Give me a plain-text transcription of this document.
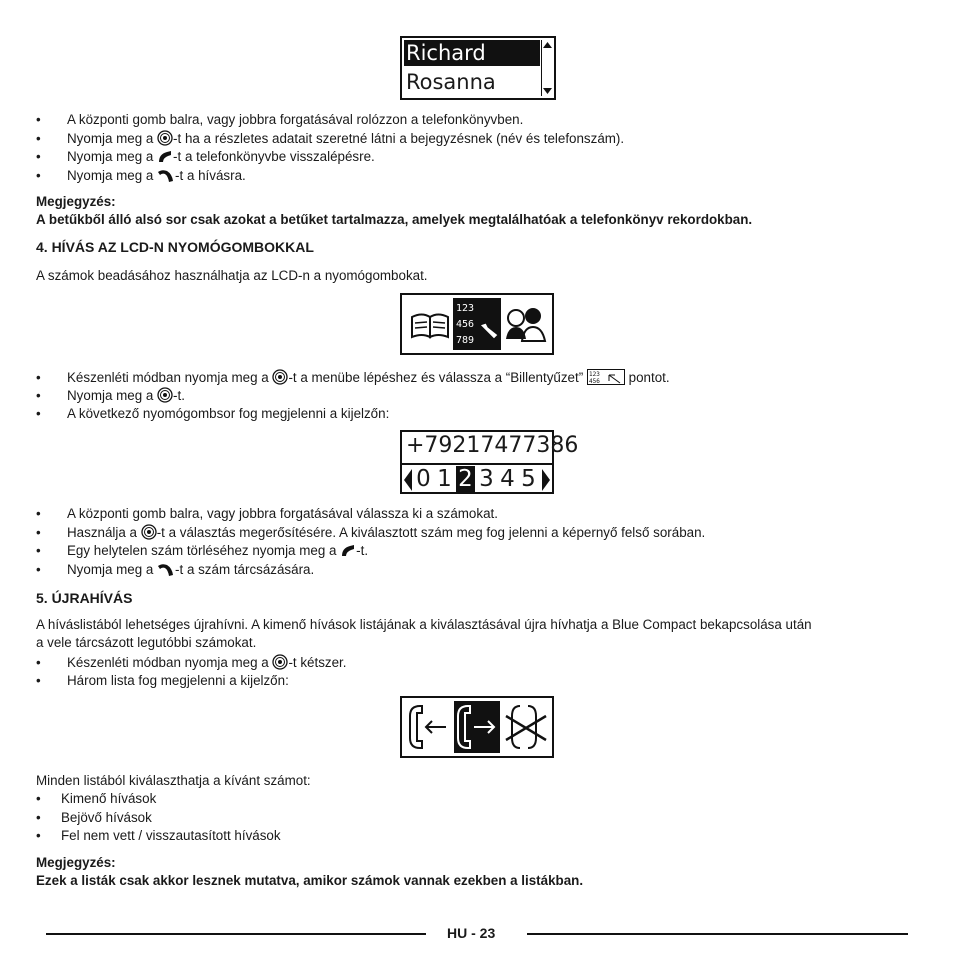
Richard
Rosanna
• A központi gomb balra, vagy jobbra forgatásával rolózzon a telefonkönyvben.
• Nyomja meg a -t ha a részletes adatait szeretné látni a bejegyzésnek (név és telefonszám).
• Nyomja meg a -t a telefonkönyvbe visszalépésre.
• Nyomja meg a -t a hívásra.
Megjegyzés:
A betűkből álló alsó sor csak azokat a betűket tartalmazza, amelyek megtalálhatóak a telefonkönyv rekordokban.
4. HÍVÁS AZ LCD-N NYOMÓGOMBOKKAL
A számok beadásához használhatja az LCD-n a nyomógombokat.
123
456
789
• Készenléti módban nyomja meg a -t a menübe lépéshez és válassza a “Billentyűzet” 123
456 pontot.
• Nyomja meg a -t.
• A következő nyomógombsor fog megjelenni a kijelzőn:
+79217477386
0 1 2 3 4 5
• A központi gomb balra, vagy jobbra forgatásával válassza ki a számokat.
• Használja a -t a választás megerősítésére. A kiválasztott szám meg fog jelenni a képernyő felső sorában.
• Egy helytelen szám törléséhez nyomja meg a -t.
• Nyomja meg a -t a szám tárcsázására.
5. ÚJRAHÍVÁS
A híváslistából lehetséges újrahívni. A kimenő hívások listájának a kiválasztásával újra hívhatja a Blue Compact bekapcsolása után
a vele tárcsázott legutóbbi számokat.
• Készenléti módban nyomja meg a -t kétszer.
• Három lista fog megjelenni a kijelzőn:
Minden listából kiválaszthatja a kívánt számot:
• Kimenő hívások
• Bejövő hívások
• Fel nem vett / visszautasított hívások
Megjegyzés:
Ezek a listák csak akkor lesznek mutatva, amikor számok vannak ezekben a listákban.
HU - 23
